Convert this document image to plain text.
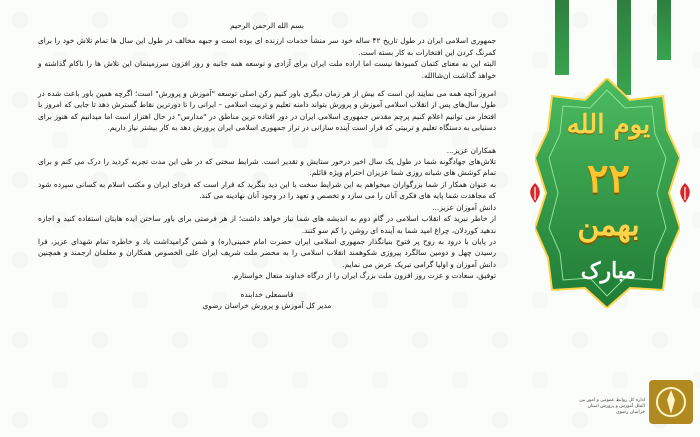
بسم الله الرحمن الرحیم

جمهوری اسلامی ایران در طول تاریخ ۴۲ ساله خود سر منشأ خدمات ارزنده ای بوده است و جبهه مخالف در طول این سال ها تمام تلاش خود را برای کمرنگ کردن این افتخارات به کار بسته است.

البته این به معنای کتمان کمبودها نیست اما اراده ملت ایران برای آزادی و توسعه همه جانبه و روز افزون سرزمینمان این تلاش ها را ناکام گذاشته و خواهد گذاشت ان‌شاالله.

امروز آنچه همه می نمایند این است که بیش از هر زمان دیگری باور کنیم رکن اصلی توسعه "آموزش و پرورش" است؛ اگرچه همین باور باعث شده در طول سال‌های پس از انقلاب اسلامی آموزش و پرورش بتواند دامنه تعلیم و تربیت اسلامی – ایرانی را تا دورترین نقاط گسترش دهد تا جایی که امروز با افتخار می توانیم اعلام کنیم پرچم مقدس جمهوری اسلامی ایران در دور افتاده ترین مناطق در "مدارس" در حال اهتزاز است اما میدانیم که هنوز برای دستیابی به دستگاه تعلیم و تربیتی که قرار است آینده سازانی در تراز جمهوری اسلامی ایران پرورش دهد به کار بیشتر نیاز داریم.

همکاران عزیز...

تلاش‌های جهادگونه شما در طول یک سال اخیر درخور ستایش و تقدیر است. شرایط سختی که در طی این مدت تجربه کردید را درک می کنم و برای تمام کوشش های شبانه روزی شما عزیزان احترام ویژه قائلم.

به عنوان همکار از شما بزرگواران میخواهم به این شرایط سخت با این دید بنگرید که قرار است که فردای ایران و مکتب اسلام به کسانی سپرده شود که مجاهدت شما پایه های فکری آنان را می سازد و تخصص و تعهد را در وجود آنان نهادینه می کند.

دانش آموزان عزیز...

از خاطر نبرید که انقلاب اسلامی در گام دوم به اندیشه های شما نیاز خواهد داشت؛ از هر فرصتی برای باور ساختن ایده هایتان استفاده کنید و اجازه ندهید کوردلان، چراغ امید شما به آینده ای روشن را کم سو کنند.

در پایان با درود به روح پر فتوح بنیانگذار جمهوری اسلامی ایران حضرت امام خمینی(ره) و شمن گرامیداشت یاد و خاطره تمام شهدای عزیز، فرا رسیدن چهل و دومین سالگرد پیروزی شکوهمند انقلاب اسلامی را به محضر ملت شریف ایران علی الخصوص همکاران و معلمان ارجمند و همچنین دانش آموزان و اولیا گرامی تبریک عرض می نمایم.

توفیق، سعادت و عزت روز افزون ملت بزرگ ایران را از درگاه خداوند متعال خواستارم.

قاسمعلی خدابنده
مدیر کل آموزش و پرورش خراسان رضوی
یوم الله
۲۲
بهمن
مبارک
اداره کل روابط عمومی و امور بین الملل آموزش و پرورش استان خراسان رضوی
